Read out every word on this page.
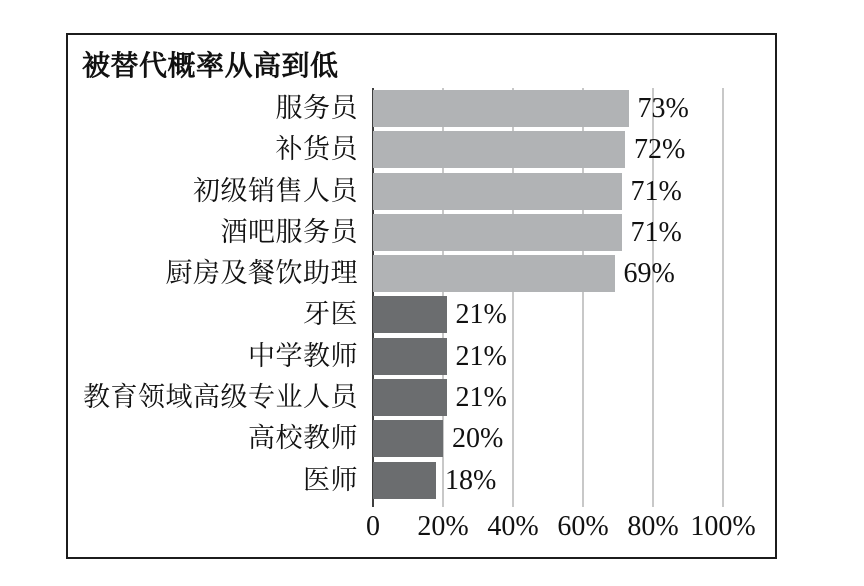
被替代概率从高到低
服务员	73%
补货员	72%
初级销售人员	71%
酒吧服务员	71%
厨房及餐饮助理	69%
牙医	21%
中学教师	21%
教育领域高级专业人员	21%
高校教师	20%
医师	18%
0	20% 40% 60% 80% 100%
